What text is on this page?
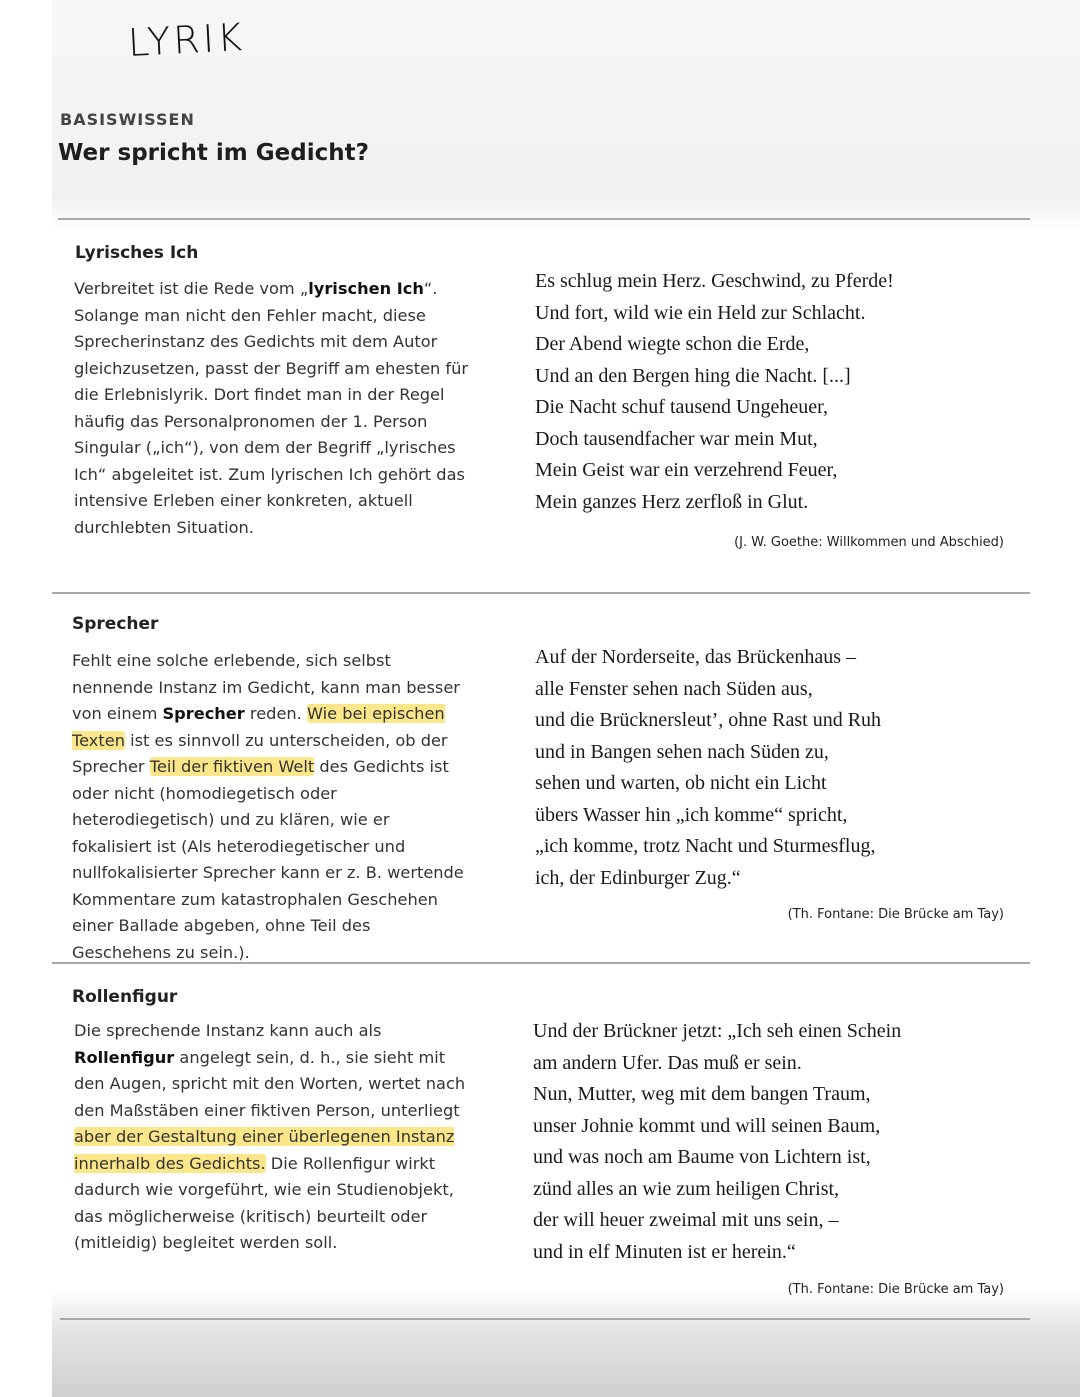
LYRIK
BASISWISSEN
Wer spricht im Gedicht?
Lyrisches Ich

Verbreitet ist die Rede vom „lyrischen Ich“. Solange man nicht den Fehler macht, diese Sprecherinstanz des Gedichts mit dem Autor gleichzusetzen, passt der Begriff am ehesten für die Erlebnislyrik. Dort findet man in der Regel häufig das Personalpronomen der 1. Person Singular („ich“), von dem der Begriff „lyrisches Ich“ abgeleitet ist. Zum lyrischen Ich gehört das intensive Erleben einer konkreten, aktuell durchlebten Situation.

Es schlug mein Herz. Geschwind, zu Pferde!
Und fort, wild wie ein Held zur Schlacht.
Der Abend wiegte schon die Erde,
Und an den Bergen hing die Nacht. [...]
Die Nacht schuf tausend Ungeheuer,
Doch tausendfacher war mein Mut,
Mein Geist war ein verzehrend Feuer,
Mein ganzes Herz zerfloß in Glut.
(J. W. Goethe: Willkommen und Abschied)
Sprecher

Fehlt eine solche erlebende, sich selbst nennende Instanz im Gedicht, kann man besser von einem Sprecher reden. Wie bei epischen Texten ist es sinnvoll zu unterscheiden, ob der Sprecher Teil der fiktiven Welt des Gedichts ist oder nicht (homodiegetisch oder heterodiegetisch) und zu klären, wie er fokalisiert ist (Als heterodiegetischer und nullfokalisierter Sprecher kann er z. B. wertende Kommentare zum katastrophalen Geschehen einer Ballade abgeben, ohne Teil des Geschehens zu sein.).

Auf der Norderseite, das Brückenhaus –
alle Fenster sehen nach Süden aus,
und die Brücknersleut’, ohne Rast und Ruh
und in Bangen sehen nach Süden zu,
sehen und warten, ob nicht ein Licht
übers Wasser hin „ich komme“ spricht,
„ich komme, trotz Nacht und Sturmesflug,
ich, der Edinburger Zug.“
(Th. Fontane: Die Brücke am Tay)
Rollenfigur

Die sprechende Instanz kann auch als Rollenfigur angelegt sein, d. h., sie sieht mit den Augen, spricht mit den Worten, wertet nach den Maßstäben einer fiktiven Person, unterliegt aber der Gestaltung einer überlegenen Instanz innerhalb des Gedichts. Die Rollenfigur wirkt dadurch wie vorgeführt, wie ein Studienobjekt, das möglicherweise (kritisch) beurteilt oder (mitleidig) begleitet werden soll.

Und der Brückner jetzt: „Ich seh einen Schein
am andern Ufer. Das muß er sein.
Nun, Mutter, weg mit dem bangen Traum,
unser Johnie kommt und will seinen Baum,
und was noch am Baume von Lichtern ist,
zünd alles an wie zum heiligen Christ,
der will heuer zweimal mit uns sein, –
und in elf Minuten ist er herein.“
(Th. Fontane: Die Brücke am Tay)
